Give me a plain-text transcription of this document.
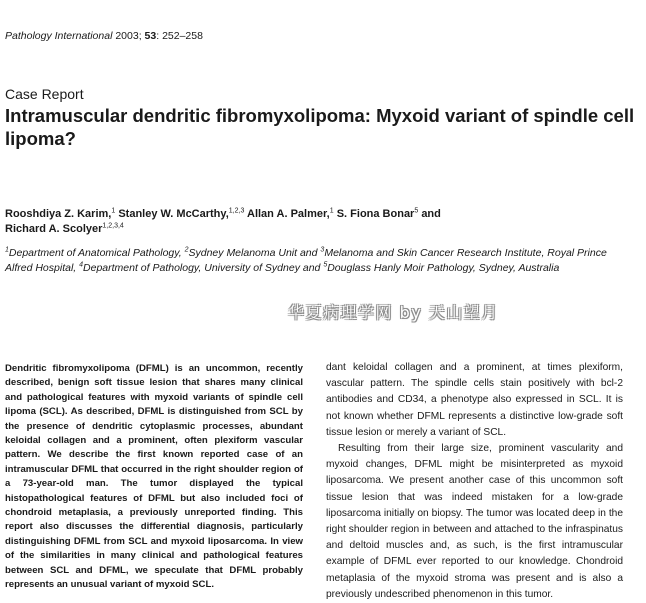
Pathology International 2003; 53: 252–258
Case Report
Intramuscular dendritic fibromyxolipoma: Myxoid variant of spindle cell lipoma?
Rooshdiya Z. Karim,$^1$ Stanley W. McCarthy,$^{1,2,3}$ Allan A. Palmer,$^1$ S. Fiona Bonar$^5$ and
Richard A. Scolyer$^{1,2,3,4}$
$^1$Department of Anatomical Pathology, $^2$Sydney Melanoma Unit and $^3$Melanoma and Skin Cancer Research Institute, Royal Prince Alfred Hospital, $^4$Department of Pathology, University of Sydney and $^5$Douglass Hanly Moir Pathology, Sydney, Australia
华夏病理学网 by 天山望月
Dendritic fibromyxolipoma (DFML) is an uncommon, recently described, benign soft tissue lesion that shares many clinical and pathological features with myxoid variants of spindle cell lipoma (SCL). As described, DFML is distinguished from SCL by the presence of dendritic cytoplasmic processes, abundant keloidal collagen and a prominent, often plexiform vascular pattern. We describe the first known reported case of an intramuscular DFML that occurred in the right shoulder region of a 73-year-old man. The tumor displayed the typical histopathological features of DFML but also included foci of chondroid metaplasia, a previously unreported finding. This report also discusses the differential diagnosis, particularly distinguishing DFML from SCL and myxoid liposarcoma. In view of the similarities in many clinical and pathological features between SCL and DFML, we speculate that DFML probably represents an unusual variant of myxoid SCL.

dant keloidal collagen and a prominent, at times plexiform, vascular pattern. The spindle cells stain positively with bcl-2 antibodies and CD34, a phenotype also expressed in SCL. It is not known whether DFML represents a distinctive low-grade soft tissue lesion or merely a variant of SCL.

Resulting from their large size, prominent vascularity and myxoid changes, DFML might be misinterpreted as myxoid liposarcoma. We present another case of this uncommon soft tissue lesion that was indeed mistaken for a low-grade liposarcoma initially on biopsy. The tumor was located deep in the right shoulder region in between and attached to the infraspinatus and deltoid muscles and, as such, is the first intramuscular example of DFML ever reported to our knowledge. Chondroid metaplasia of the myxoid stroma was present and is also a previously undescribed phenomenon in this tumor.
